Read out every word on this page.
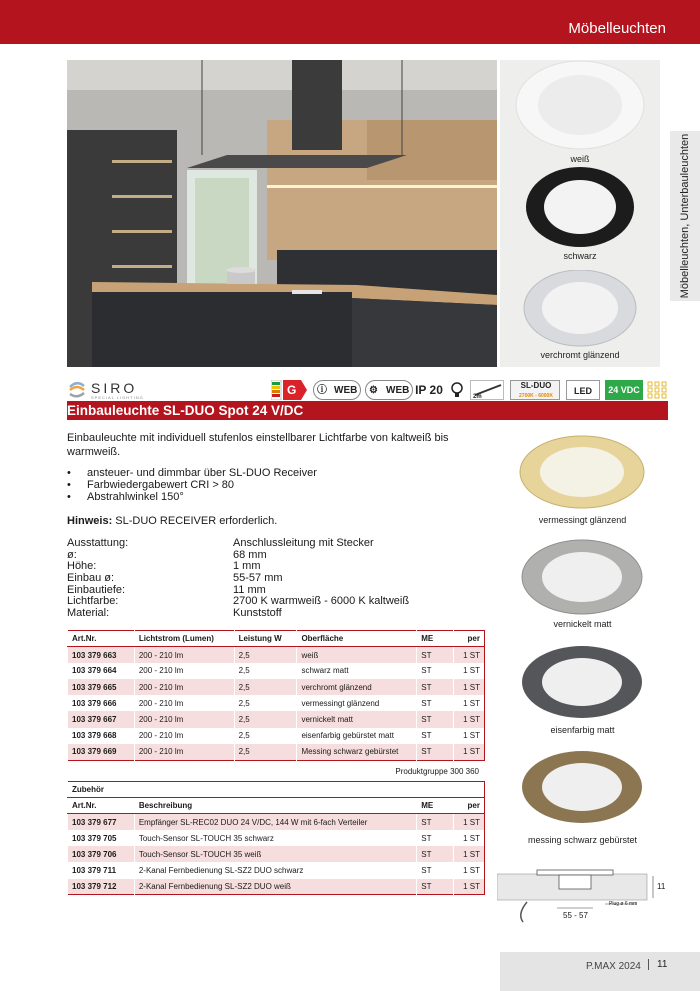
Möbelleuchten
Möbelleuchten, Unterbauleuchten
weiß
schwarz
verchromt glänzend
SIRO
SPECIAL LIGHTING
G ⓘ WEB ⚙ WEB IP 20	2m
SL-DUO
2700K - 6000K	LED	24 VDC
Einbauleuchte SL-DUO Spot 24 V/DC
Einbauleuchte mit individuell stufenlos einstellbarer Lichtfarbe von kaltweiß bis warmweiß.
• ansteuer- und dimmbar über SL-DUO Receiver
• Farbwiedergabewert CRI > 80
• Abstrahlwinkel 150°
Hinweis: SL-DUO RECEIVER erforderlich.
Ausstattung:	Anschlussleitung mit Stecker
ø:	68 mm
Höhe:	1 mm
Einbau ø:	55-57 mm
Einbautiefe:	11 mm
Lichtfarbe:	2700 K warmweiß - 6000 K kaltweiß
Material:	Kunststoff
Art.Nr.	Lichtstrom (Lumen)	Leistung W	Oberfläche	ME	per
103 379 663	200 - 210 lm	2,5	weiß	ST	1 ST
103 379 664	200 - 210 lm	2,5	schwarz matt	ST	1 ST
103 379 665	200 - 210 lm	2,5	verchromt glänzend	ST	1 ST
103 379 666	200 - 210 lm	2,5	vermessingt glänzend	ST	1 ST
103 379 667	200 - 210 lm	2,5	vernickelt matt	ST	1 ST
103 379 668	200 - 210 lm	2,5	eisenfarbig gebürstet matt	ST	1 ST
103 379 669	200 - 210 lm	2,5	Messing schwarz gebürstet	ST	1 ST
Produktgruppe 300 360
Zubehör			
Art.Nr.	Beschreibung	ME	per
103 379 677	Empfänger SL-REC02 DUO 24 V/DC, 144 W mit 6-fach Verteiler	ST	1 ST
103 379 705	Touch-Sensor SL-TOUCH 35 schwarz	ST	1 ST
103 379 706	Touch-Sensor SL-TOUCH 35 weiß	ST	1 ST
103 379 711	2-Kanal Fernbedienung SL-SZ2 DUO schwarz	ST	1 ST
103 379 712	2-Kanal Fernbedienung SL-SZ2 DUO weiß	ST	1 ST
vermessingt glänzend
vernickelt matt
eisenfarbig matt
messing schwarz gebürstet
11
55 - 57
Plug ø 6 mm
P.MAX 2024	11
